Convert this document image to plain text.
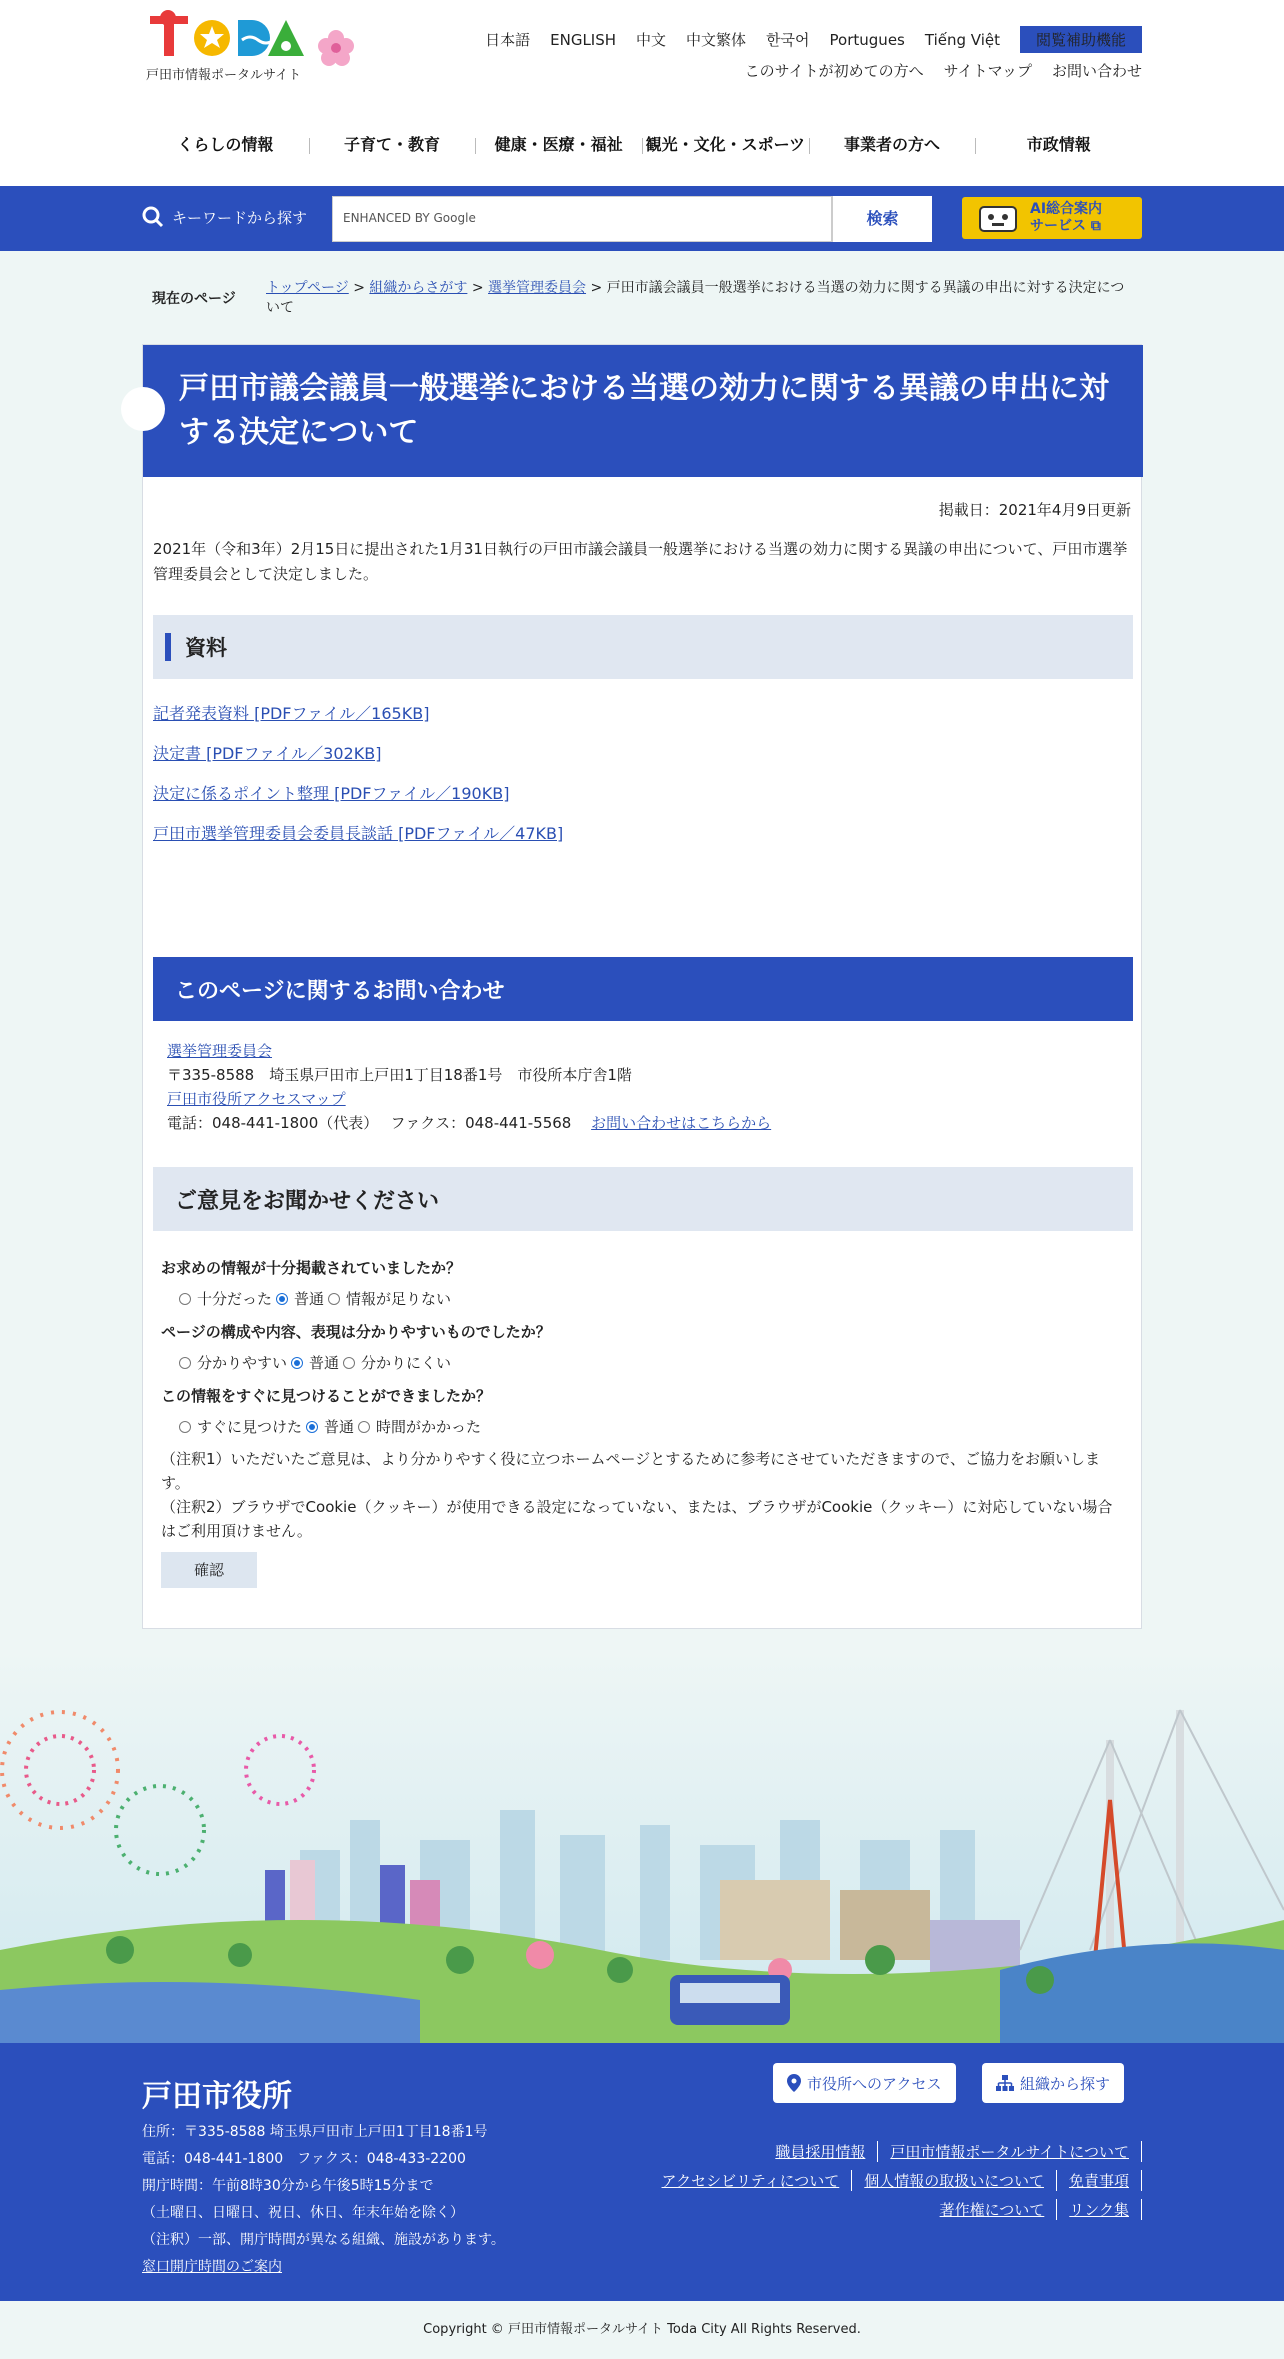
戸田市情報ポータルサイト
日本語 ENGLISH 中文 中文繁体 한국어 Portugues Tiếng Việt	閲覧補助機能
このサイトが初めての方へ サイトマップ お問い合わせ
くらしの情報	子育て・教育	健康・医療・福祉	観光・文化・スポーツ	事業者の方へ	市政情報
キーワードから探す	ENHANCED BY Google	検索	AI総合案内
サービス ⧉
現在のページ
トップページ > 組織からさがす > 選挙管理委員会 > 戸田市議会議員一般選挙における当選の効力に関する異議の申出に対する決定について
戸田市議会議員一般選挙における当選の効力に関する異議の申出に対する決定について
掲載日：2021年4月9日更新
2021年（令和3年）2月15日に提出された1月31日執行の戸田市議会議員一般選挙における当選の効力に関する異議の申出について、戸田市選挙管理委員会として決定しました。
資料
記者発表資料 [PDFファイル／165KB]
決定書 [PDFファイル／302KB]
決定に係るポイント整理 [PDFファイル／190KB]
戸田市選挙管理委員会委員長談話 [PDFファイル／47KB]
このページに関するお問い合わせ
選挙管理委員会
〒335-8588　埼玉県戸田市上戸田1丁目18番1号　市役所本庁舎1階
戸田市役所アクセスマップ
電話：048-441-1800（代表）　 ファクス：048-441-5568　 お問い合わせはこちらから
ご意見をお聞かせください
お求めの情報が十分掲載されていましたか？
十分だった 普通 情報が足りない
ページの構成や内容、表現は分かりやすいものでしたか？
分かりやすい 普通 分かりにくい
この情報をすぐに見つけることができましたか？
すぐに見つけた 普通 時間がかかった
（注釈1）いただいたご意見は、より分かりやすく役に立つホームページとするために参考にさせていただきますので、ご協力をお願いします。
（注釈2）ブラウザでCookie（クッキー）が使用できる設定になっていない、または、ブラウザがCookie（クッキー）に対応していない場合はご利用頂けません。
確認
戸田市役所
住所：〒335-8588 埼玉県戸田市上戸田1丁目18番1号
電話：048-441-1800　ファクス：048-433-2200
開庁時間：午前8時30分から午後5時15分まで
（土曜日、日曜日、祝日、休日、年末年始を除く）
（注釈）一部、開庁時間が異なる組織、施設があります。
窓口開庁時間のご案内
市役所へのアクセス	組織から探す
職員採用情報	戸田市情報ポータルサイトについて
アクセシビリティについて	個人情報の取扱いについて	免責事項
著作権について	リンク集
Copyright © 戸田市情報ポータルサイト Toda City All Rights Reserved.
